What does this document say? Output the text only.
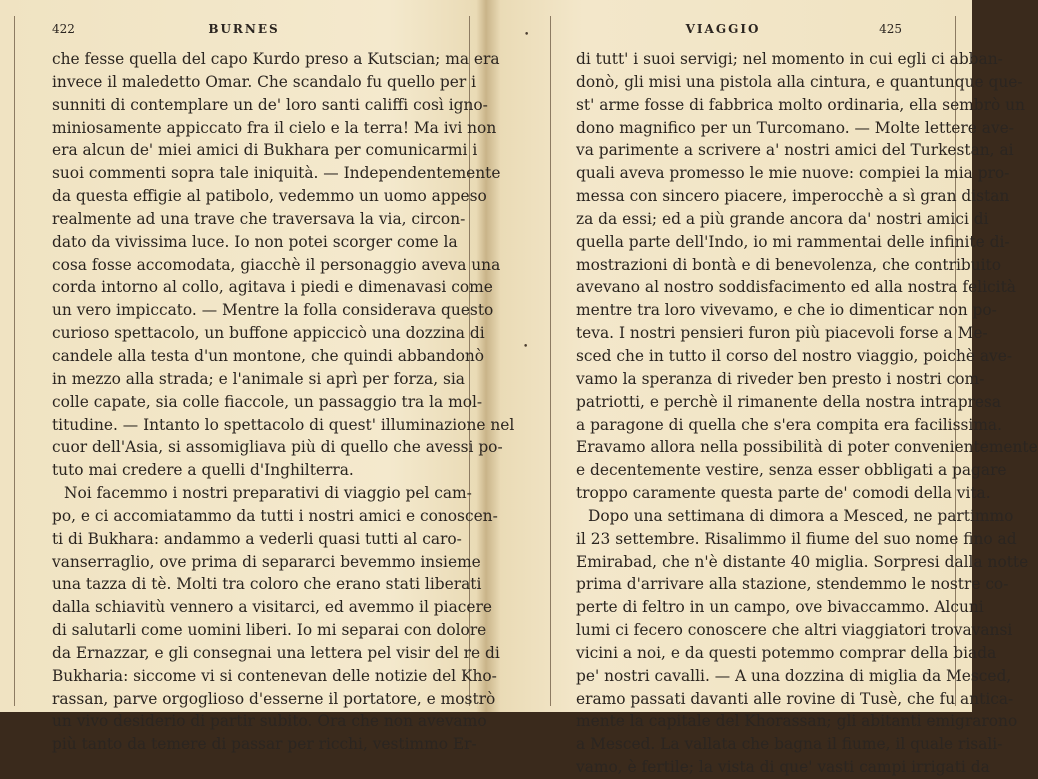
422	BURNES
che fesse quella del capo Kurdo preso a Kutscian; ma era
invece il maledetto Omar. Che scandalo fu quello per i
sunniti di contemplare un de' loro santi califfi così igno-
miniosamente appiccato fra il cielo e la terra! Ma ivi non
era alcun de' miei amici di Bukhara per comunicarmi i
suoi commenti sopra tale iniquità. — Independentemente
da questa effigie al patibolo, vedemmo un uomo appeso
realmente ad una trave che traversava la via, circon-
dato da vivissima luce. Io non potei scorger come la
cosa fosse accomodata, giacchè il personaggio aveva una
corda intorno al collo, agitava i piedi e dimenavasi come
un vero impiccato. — Mentre la folla considerava questo
curioso spettacolo, un buffone appiccicò una dozzina di
candele alla testa d'un montone, che quindi abbandonò
in mezzo alla strada; e l'animale si aprì per forza, sia
colle capate, sia colle fiaccole, un passaggio tra la mol-
titudine. — Intanto lo spettacolo di quest' illuminazione nel
cuor dell'Asia, si assomigliava più di quello che avessi po-
tuto mai credere a quelli d'Inghilterra.
Noi facemmo i nostri preparativi di viaggio pel cam-
po, e ci accomiatammo da tutti i nostri amici e conoscen-
ti di Bukhara: andammo a vederli quasi tutti al caro-
vanserraglio, ove prima di separarci bevemmo insieme
una tazza di tè. Molti tra coloro che erano stati liberati
dalla schiavitù vennero a visitarci, ed avemmo il piacere
di salutarli come uomini liberi. Io mi separai con dolore
da Ernazzar, e gli consegnai una lettera pel visir del re di
Bukharia: siccome vi si contenevan delle notizie del Kho-
rassan, parve orgoglioso d'esserne il portatore, e mostrò
un vivo desiderio di partir subito. Ora che non avevamo
più tanto da temere di passar per ricchi, vestimmo Er-
VIAGGIO	425
di tutt' i suoi servigi; nel momento in cui egli ci abban-
donò, gli misi una pistola alla cintura, e quantunque que-
st' arme fosse di fabbrica molto ordinaria, ella sembrò un
dono magnifico per un Turcomano. — Molte lettere ave-
va parimente a scrivere a' nostri amici del Turkestan, ai
quali aveva promesso le mie nuove: compiei la mia pro-
messa con sincero piacere, imperocchè a sì gran distan
za da essi; ed a più grande ancora da' nostri amici di
quella parte dell'Indo, io mi rammentai delle infinite di-
mostrazioni di bontà e di benevolenza, che contribuito
avevano al nostro soddisfacimento ed alla nostra felicità
mentre tra loro vivevamo, e che io dimenticar non po-
teva. I nostri pensieri furon più piacevoli forse a Me-
sced che in tutto il corso del nostro viaggio, poichè ave-
vamo la speranza di riveder ben presto i nostri com-
patriotti, e perchè il rimanente della nostra intrapresa
a paragone di quella che s'era compita era facilissima.
Eravamo allora nella possibilità di poter convenientemente
e decentemente vestire, senza esser obbligati a pagare
troppo caramente questa parte de' comodi della vita.
Dopo una settimana di dimora a Mesced, ne partimmo
il 23 settembre. Risalimmo il fiume del suo nome fino ad
Emirabad, che n'è distante 40 miglia. Sorpresi dalla notte
prima d'arrivare alla stazione, stendemmo le nostre co-
perte di feltro in un campo, ove bivaccammo. Alcuni
lumi ci fecero conoscere che altri viaggiatori trovavansi
vicini a noi, e da questi potemmo comprar della biada
pe' nostri cavalli. — A una dozzina di miglia da Mesced,
eramo passati davanti alle rovine di Tusè, che fu antica-
mente la capitale del Khorassan; gli abitanti emigrarono
a Mesced. La vallata che bagna il fiume, il quale risali-
vamo, è fertile; la vista di que' vasti campi irrigati da
•
•
